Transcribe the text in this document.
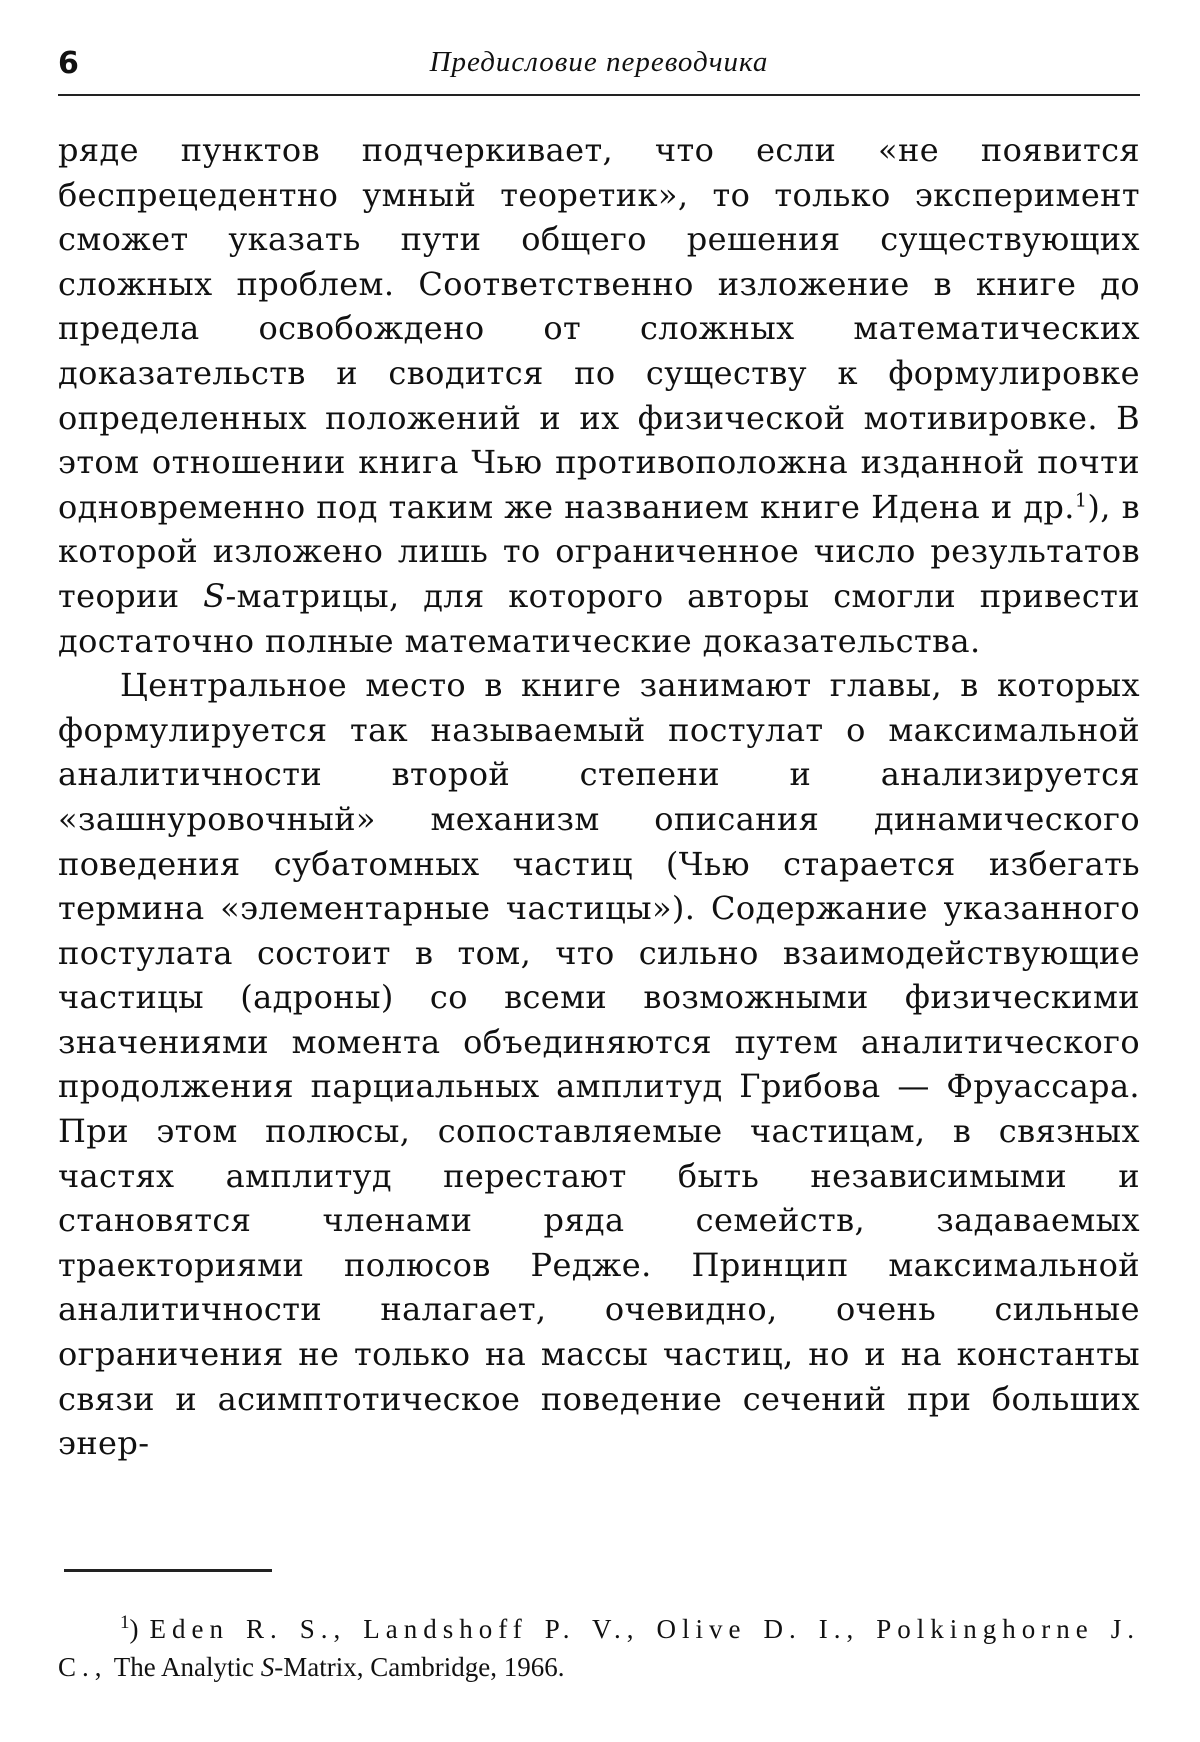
6	Предисловие переводчика

ряде пунктов подчеркивает, что если «не появится беспрецедентно умный теоретик», то только эксперимент сможет указать пути общего решения существующих сложных проблем. Соответственно изложение в книге до предела освобождено от сложных математических доказательств и сводится по существу к формулировке определенных положений и их физической мотивировке. В этом отношении книга Чью противоположна изданной почти одновременно под таким же названием книге Идена и др.$^1$), в которой изложено лишь то ограниченное число результатов теории S-матрицы, для которого авторы смогли привести достаточно полные математические доказательства.

Центральное место в книге занимают главы, в которых формулируется так называемый постулат о максимальной аналитичности второй степени и анализируется «зашнуровочный» механизм описания динамического поведения субатомных частиц (Чью старается избегать термина «элементарные частицы»). Содержание указанного постулата состоит в том, что сильно взаимодействующие частицы (адроны) со всеми возможными физическими значениями момента объединяются путем аналитического продолжения парциальных амплитуд Грибова — Фруассара. При этом полюсы, сопоставляемые частицам, в связных частях амплитуд перестают быть независимыми и становятся членами ряда семейств, задаваемых траекториями полюсов Редже. Принцип максимальной аналитичности налагает, очевидно, очень сильные ограничения не только на массы частиц, но и на константы связи и асимптотическое поведение сечений при больших энер-

$^1$) Eden R. S., Landshoff P. V., Olive D. I., Polkinghorne J. C., The Analytic S-Matrix, Cambridge, 1966.
